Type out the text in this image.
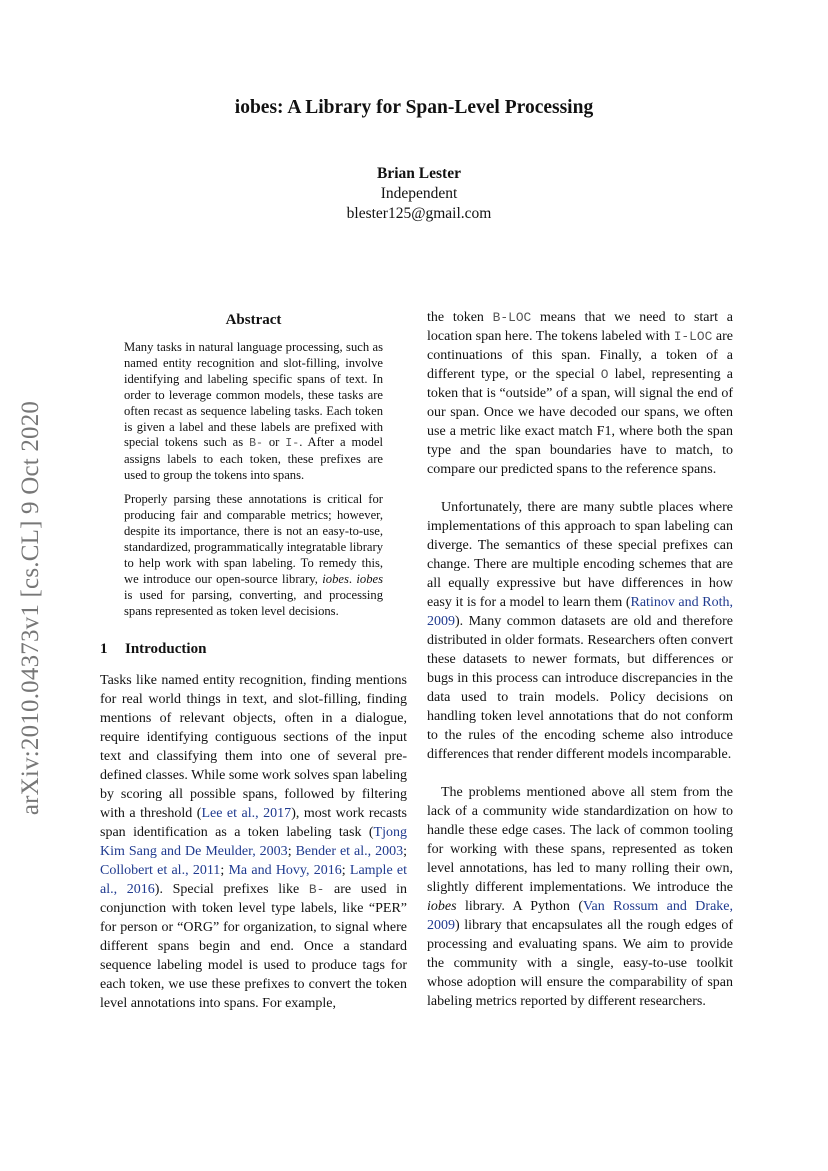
iobes: A Library for Span-Level Processing
Brian Lester
Independent
blester125@gmail.com
arXiv:2010.04373v1 [cs.CL] 9 Oct 2020
Abstract

Many tasks in natural language processing, such as named entity recognition and slot-filling, involve identifying and labeling specific spans of text. In order to leverage common models, these tasks are often recast as sequence labeling tasks. Each token is given a label and these labels are prefixed with special tokens such as B- or I-. After a model assigns labels to each token, these prefixes are used to group the tokens into spans.

Properly parsing these annotations is critical for producing fair and comparable metrics; however, despite its importance, there is not an easy-to-use, standardized, programmatically integratable library to help work with span labeling. To remedy this, we introduce our open-source library, iobes. iobes is used for parsing, converting, and processing spans represented as token level decisions.

1 Introduction

Tasks like named entity recognition, finding mentions for real world things in text, and slot-filling, finding mentions of relevant objects, often in a dialogue, require identifying contiguous sections of the input text and classifying them into one of several pre-defined classes. While some work solves span labeling by scoring all possible spans, followed by filtering with a threshold (Lee et al., 2017), most work recasts span identification as a token labeling task (Tjong Kim Sang and De Meulder, 2003; Bender et al., 2003; Collobert et al., 2011; Ma and Hovy, 2016; Lample et al., 2016). Special prefixes like B- are used in conjunction with token level type labels, like “PER” for person or “ORG” for organization, to signal where different spans begin and end. Once a standard sequence labeling model is used to produce tags for each token, we use these prefixes to convert the token level annotations into spans. For example,

the token B-LOC means that we need to start a location span here. The tokens labeled with I-LOC are continuations of this span. Finally, a token of a different type, or the special O label, representing a token that is “outside” of a span, will signal the end of our span. Once we have decoded our spans, we often use a metric like exact match F1, where both the span type and the span boundaries have to match, to compare our predicted spans to the reference spans.

Unfortunately, there are many subtle places where implementations of this approach to span labeling can diverge. The semantics of these special prefixes can change. There are multiple encoding schemes that are all equally expressive but have differences in how easy it is for a model to learn them (Ratinov and Roth, 2009). Many common datasets are old and therefore distributed in older formats. Researchers often convert these datasets to newer formats, but differences or bugs in this process can introduce discrepancies in the data used to train models. Policy decisions on handling token level annotations that do not conform to the rules of the encoding scheme also introduce differences that render different models incomparable.

The problems mentioned above all stem from the lack of a community wide standardization on how to handle these edge cases. The lack of common tooling for working with these spans, represented as token level annotations, has led to many rolling their own, slightly different implementations. We introduce the iobes library. A Python (Van Rossum and Drake, 2009) library that encapsulates all the rough edges of processing and evaluating spans. We aim to provide the community with a single, easy-to-use toolkit whose adoption will ensure the comparability of span labeling metrics reported by different researchers.
